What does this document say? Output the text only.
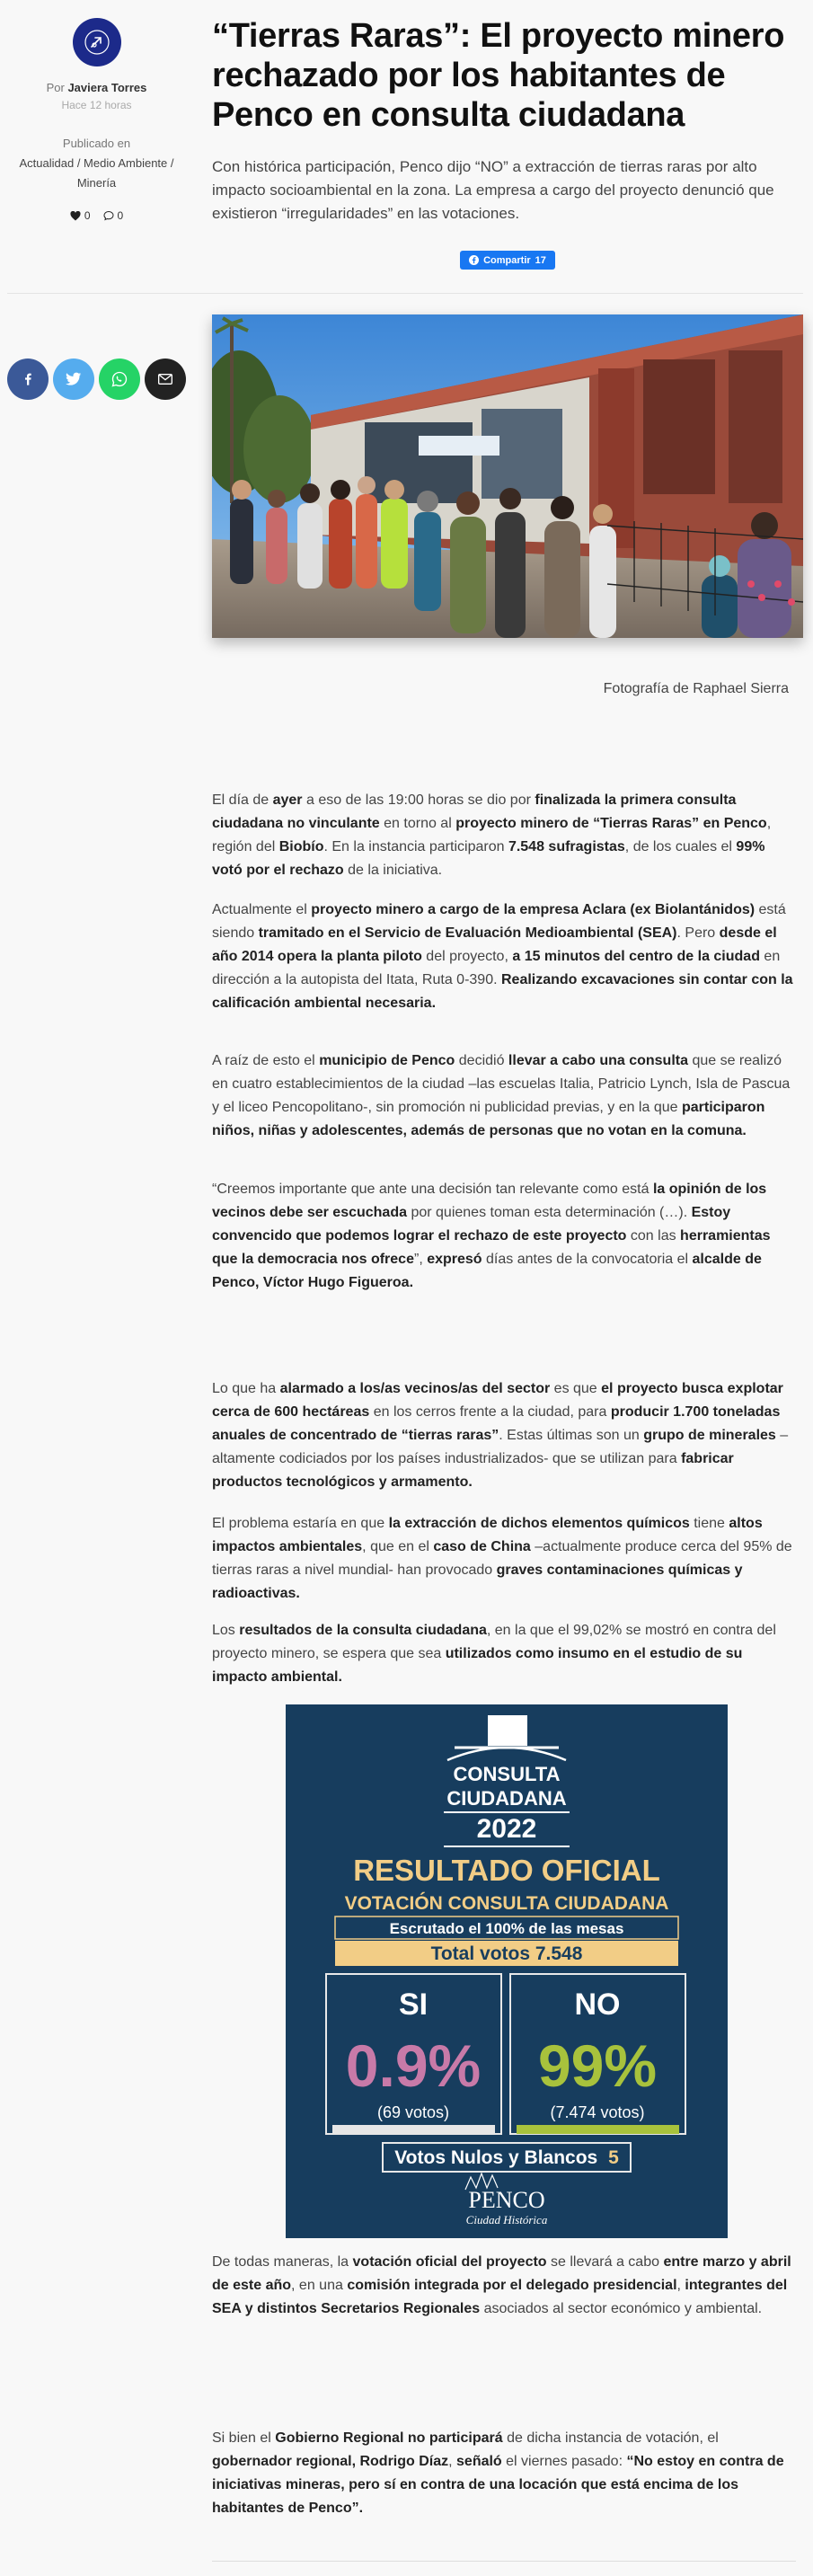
Por Javiera Torres
Hace 12 horas
Publicado en
Actualidad / Medio Ambiente / Minería
0	0
“Tierras Raras”: El proyecto minero rechazado por los habitantes de Penco en consulta ciudadana

Con histórica participación, Penco dijo “NO” a extracción de tierras raras por alto impacto socioambiental en la zona. La empresa a cargo del proyecto denunció que existieron “irregularidades” en las votaciones.

Compartir 17
Fotografía de Raphael Sierra

El día de ayer a eso de las 19:00 horas se dio por finalizada la primera consulta ciudadana no vinculante en torno al proyecto minero de “Tierras Raras” en Penco, región del Biobío. En la instancia participaron 7.548 sufragistas, de los cuales el 99% votó por el rechazo de la iniciativa.

Actualmente el proyecto minero a cargo de la empresa Aclara (ex Biolantánidos) está siendo tramitado en el Servicio de Evaluación Medioambiental (SEA). Pero desde el año 2014 opera la planta piloto del proyecto, a 15 minutos del centro de la ciudad en dirección a la autopista del Itata, Ruta 0-390. Realizando excavaciones sin contar con la calificación ambiental necesaria.

A raíz de esto el municipio de Penco decidió llevar a cabo una consulta que se realizó en cuatro establecimientos de la ciudad –las escuelas Italia, Patricio Lynch, Isla de Pascua y el liceo Pencopolitano-, sin promoción ni publicidad previas, y en la que participaron niños, niñas y adolescentes, además de personas que no votan en la comuna.

“Creemos importante que ante una decisión tan relevante como está la opinión de los vecinos debe ser escuchada por quienes toman esta determinación (…). Estoy convencido que podemos lograr el rechazo de este proyecto con las herramientas que la democracia nos ofrece”, expresó días antes de la convocatoria el alcalde de Penco, Víctor Hugo Figueroa.

Lo que ha alarmado a los/as vecinos/as del sector es que el proyecto busca explotar cerca de 600 hectáreas en los cerros frente a la ciudad, para producir 1.700 toneladas anuales de concentrado de “tierras raras”. Estas últimas son un grupo de minerales –altamente codiciados por los países industrializados- que se utilizan para fabricar productos tecnológicos y armamento.

El problema estaría en que la extracción de dichos elementos químicos tiene altos impactos ambientales, que en el caso de China –actualmente produce cerca del 95% de tierras raras a nivel mundial- han provocado graves contaminaciones químicas y radioactivas.

Los resultados de la consulta ciudadana, en la que el 99,02% se mostró en contra del proyecto minero, se espera que sea utilizados como insumo en el estudio de su impacto ambiental.

CONSULTA
CIUDADANA
2022
RESULTADO OFICIAL
VOTACIÓN CONSULTA CIUDADANA
Escrutado el 100% de las mesas
Total votos 7.548
SI
0.9%
(69 votos)
NO
99%
(7.474 votos)
Votos Nulos y Blancos 5
PENCO
Ciudad Histórica

De todas maneras, la votación oficial del proyecto se llevará a cabo entre marzo y abril de este año, en una comisión integrada por el delegado presidencial, integrantes del SEA y distintos Secretarios Regionales asociados al sector económico y ambiental.

Si bien el Gobierno Regional no participará de dicha instancia de votación, el gobernador regional, Rodrigo Díaz, señaló el viernes pasado: “No estoy en contra de iniciativas mineras, pero sí en contra de una locación que está encima de los habitantes de Penco”.
